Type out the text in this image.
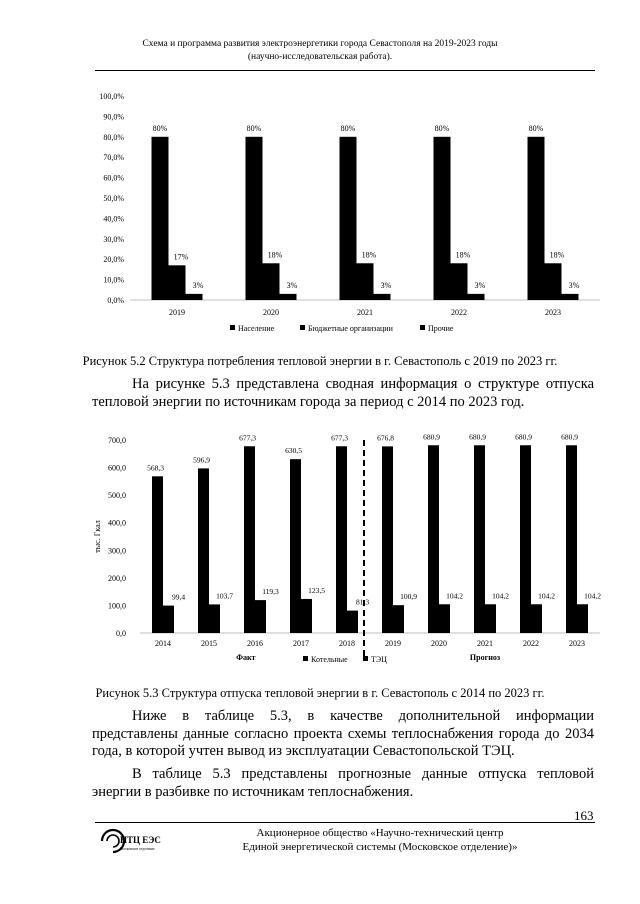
Схема и программа развития электроэнергетики города Севастополя на 2019-2023 годы
(научно-исследовательская работа).
0,0%
10,0%
20,0%
30,0%
40,0%
50,0%
60,0%
70,0%
80,0%
90,0%
100,0%
80%
17%
3%
2019
80%
18%
3%
2020
80%
18%
3%
2021
80%
18%
3%
2022
80%
18%
3%
2023
Население	Бюджетные организации	Прочие
Рисунок 5.2 Структура потребления тепловой энергии в г. Севастополь с 2019 по 2023 гг.
На рисунке 5.3 представлена сводная информация о структуре отпуска тепловой энергии по источникам города за период с 2014 по 2023 год.
0,0
100,0
200,0
300,0
400,0
500,0
600,0
700,0
тыс. Гкал
568,3
99,4
2014
596,9
103,7
2015
677,3
119,3
2016
630,5
123,5
2017
677,3
81,3
2018
676,8
100,9
2019
680,9
104,2
2020
680,9
104,2
2021
680,9
104,2
2022
680,9
104,2
2023
Факт	Прогноз
Котельные	ТЭЦ
Рисунок 5.3 Структура отпуска тепловой энергии в г. Севастополь с 2014 по 2023 гг.
Ниже в таблице 5.3, в качестве дополнительной информации представлены данные согласно проекта схемы теплоснабжения города до 2034 года, в которой учтен вывод из эксплуатации Севастопольской ТЭЦ.
В таблице 5.3 представлены прогнозные данные отпуска тепловой энергии в разбивке по источникам теплоснабжения.
163
НТЦ ЕЭС
Московское отделение
Акционерное общество «Научно-технический центр
Единой энергетической системы (Московское отделение)»
